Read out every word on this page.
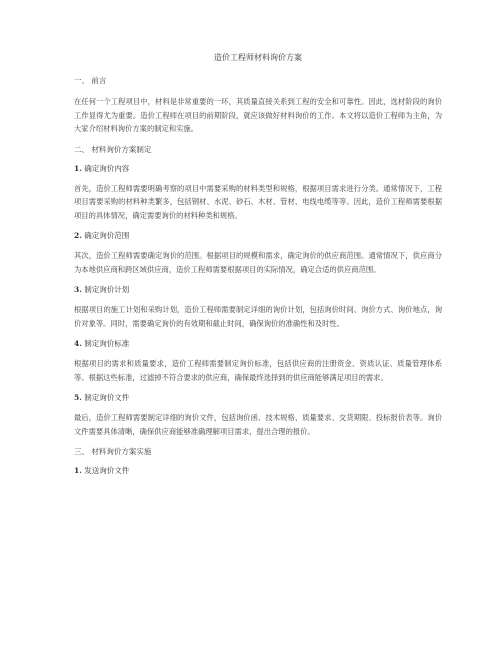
造价工程师材料询价方案
一、 前言
在任何一个工程项目中，材料是非常重要的一环，其质量直接关系到工程的安全和可靠性。因此，选材阶段的询价工作显得尤为重要。造价工程师在项目的前期阶段，就应该做好材料询价的工作。本文将以造价工程师为主角，为大家介绍材料询价方案的制定和实施。
二、 材料询价方案制定
1. 确定询价内容
首先，造价工程师需要明确考察的项目中需要采购的材料类型和规格，根据项目需求进行分类。通常情况下，工程项目需要采购的材料种类繁多，包括钢材、水泥、砂石、木材、管材、电线电缆等等。因此，造价工程师需要根据项目的具体情况，确定需要询价的材料种类和规格。
2. 确定询价范围
其次，造价工程师需要确定询价的范围。根据项目的规模和需求，确定询价的供应商范围。通常情况下，供应商分为本地供应商和跨区域供应商，造价工程师需要根据项目的实际情况，确定合适的供应商范围。
3. 制定询价计划
根据项目的施工计划和采购计划，造价工程师需要制定详细的询价计划，包括询价时间、询价方式、询价地点，询价对象等。同时，需要确定询价的有效期和截止时间，确保询价的准确性和及时性。
4. 制定询价标准
根据项目的需求和质量要求，造价工程师需要制定询价标准，包括供应商的注册资金、资质认证、质量管理体系等。根据这些标准，过滤掉不符合要求的供应商，确保最终选择到的供应商能够满足项目的需求。
5. 制定询价文件
最后，造价工程师需要制定详细的询价文件，包括询价函、技术规格、质量要求、交货期限、投标报价表等。询价文件需要具体清晰，确保供应商能够准确理解项目需求，提出合理的报价。
三、 材料询价方案实施
1. 发送询价文件
